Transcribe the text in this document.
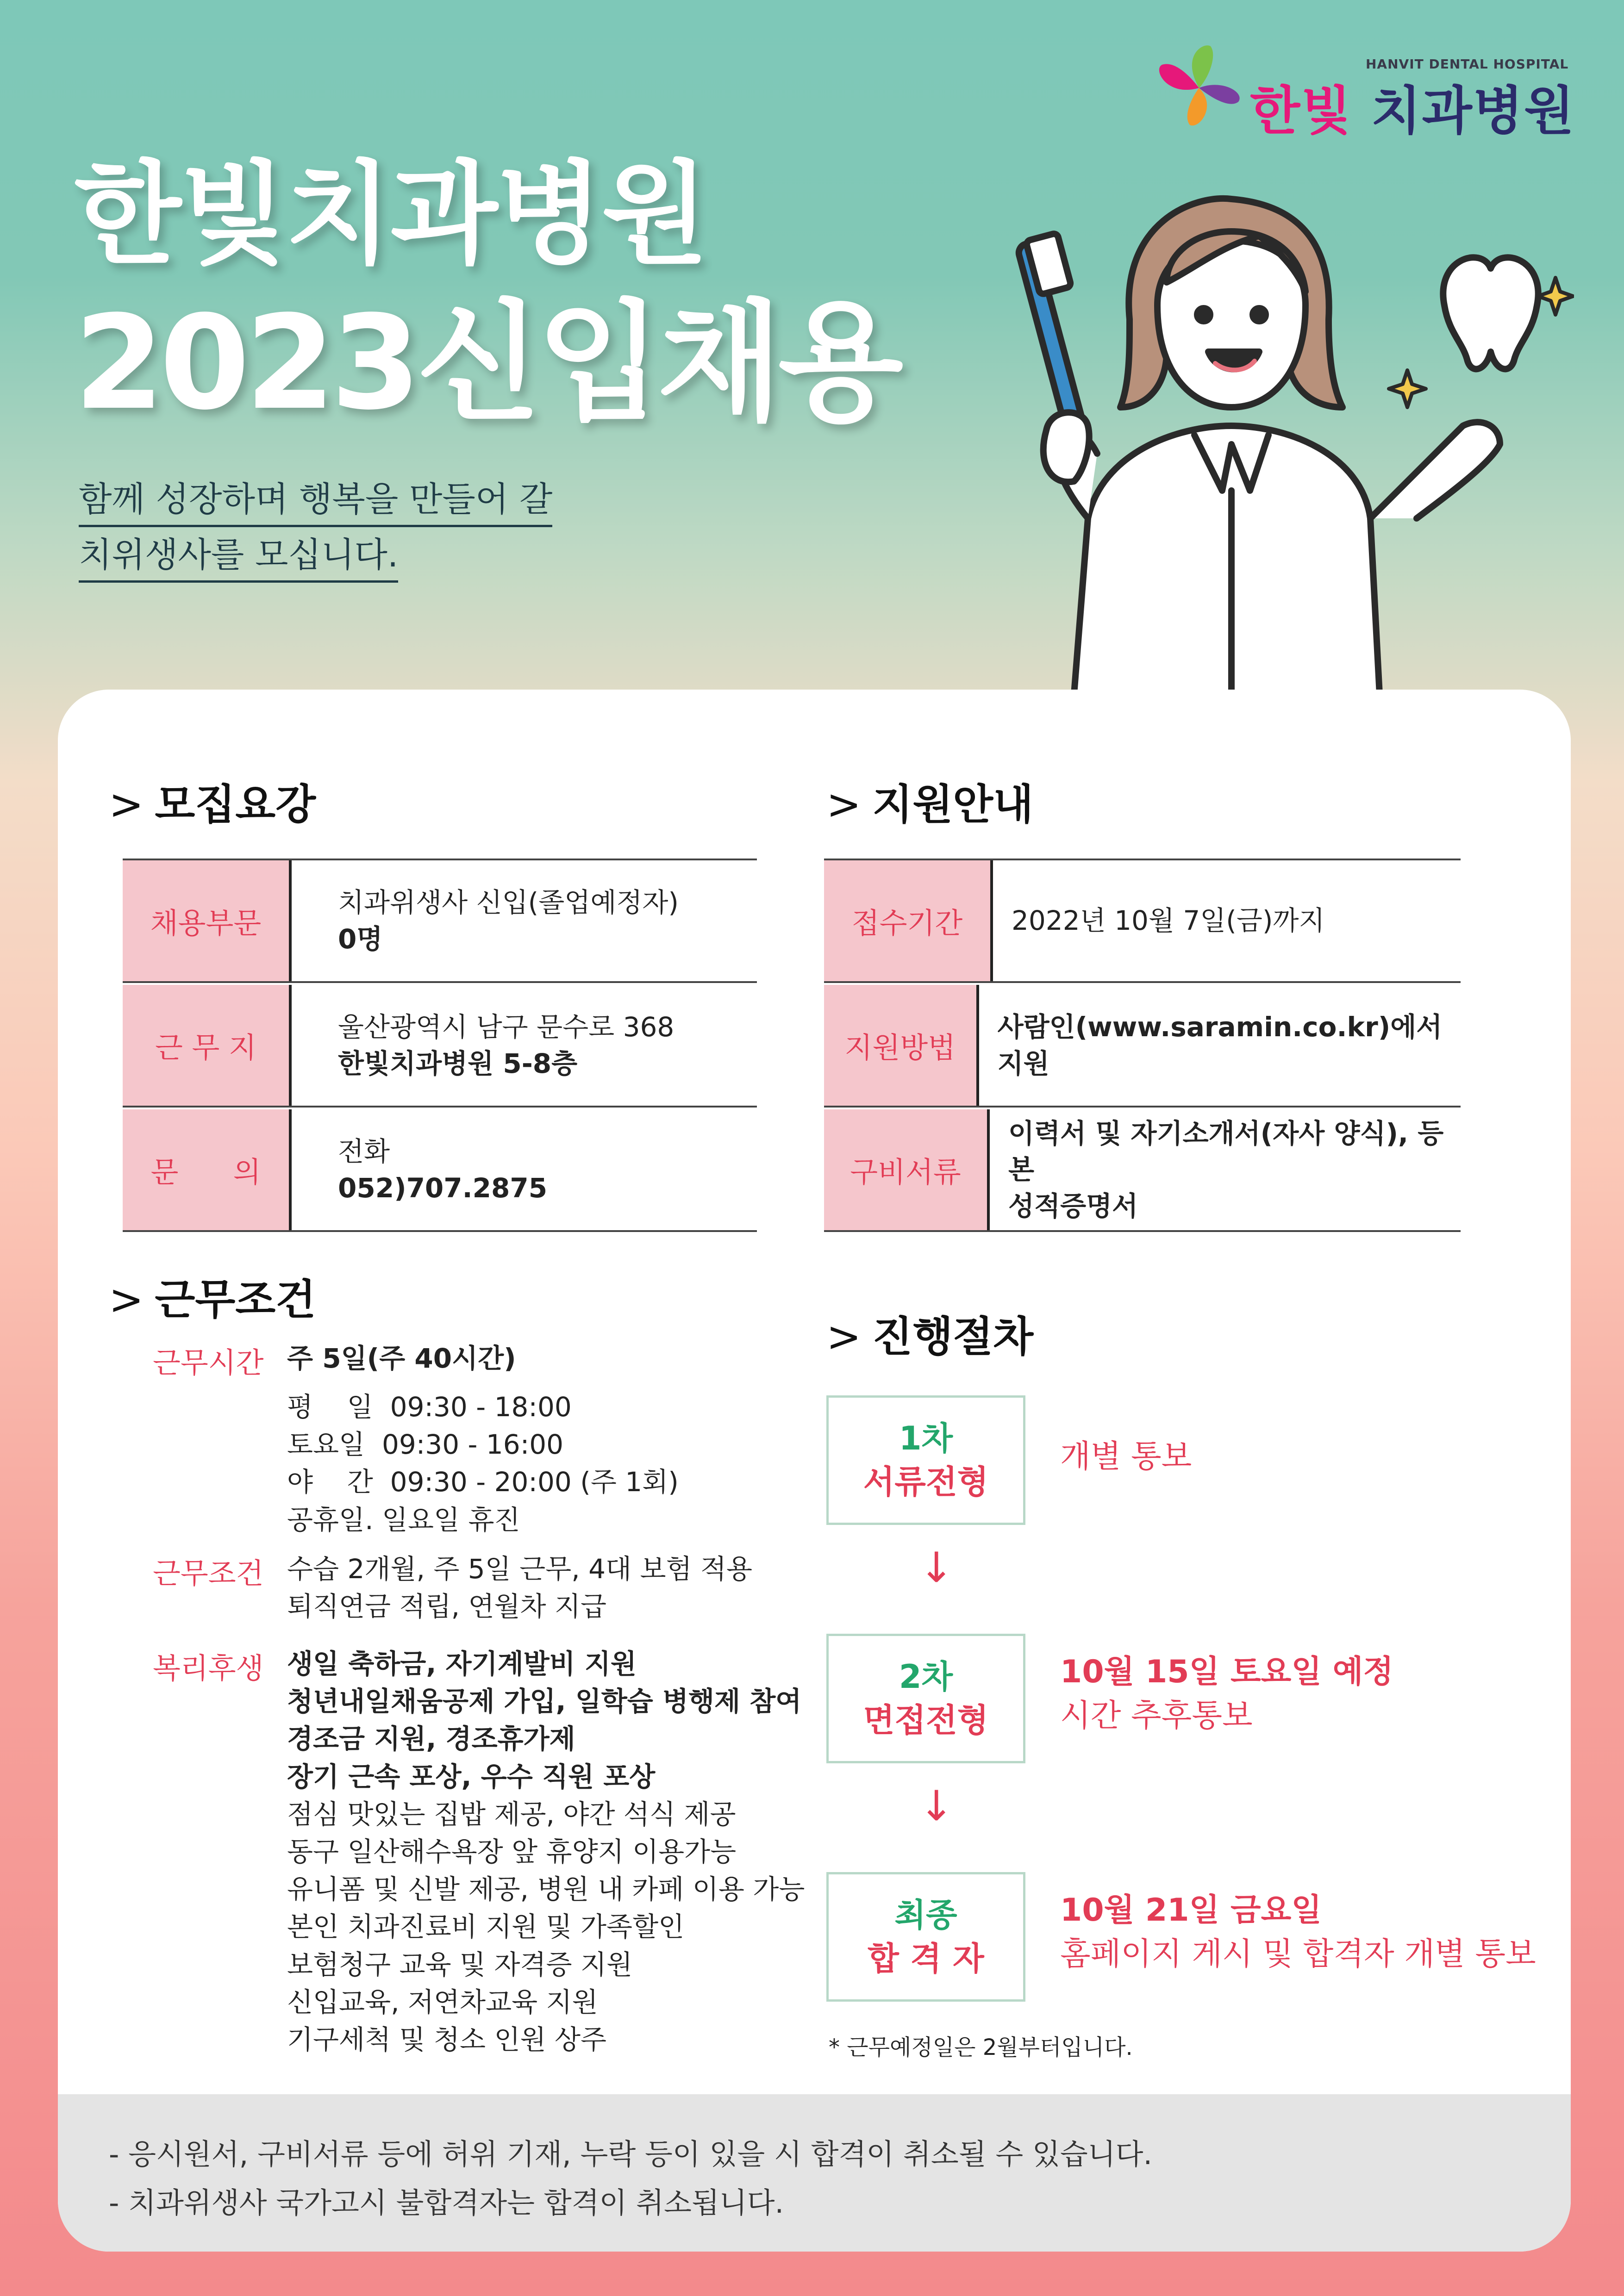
HANVIT DENTAL HOSPITAL
한빛 치과병원
한빛치과병원
2023신입채용
함께 성장하며 행복을 만들어 갈
치위생사를 모십니다.
> 모집요강
채용부문
치과위생사 신입(졸업예정자)
0명
근 무 지
울산광역시 남구 문수로 368
한빛치과병원 5-8층
문      의
전화
052)707.2875
> 지원안내
접수기간	2022년 10월 7일(금)까지
지원방법
사람인(www.saramin.co.kr)에서 지원
구비서류
이력서 및 자기소개서(자사 양식), 등본
성적증명서
> 근무조건
근무시간 주 5일(주 40시간)
평    일  09:30 - 18:00
토요일  09:30 - 16:00
야    간  09:30 - 20:00 (주 1회)
공휴일. 일요일 휴진
근무조건 수습 2개월, 주 5일 근무, 4대 보험 적용
퇴직연금 적립, 연월차 지급
복리후생 생일 축하금, 자기계발비 지원
청년내일채움공제 가입, 일학습 병행제 참여
경조금 지원, 경조휴가제
장기 근속 포상, 우수 직원 포상
점심 맛있는 집밥 제공, 야간 석식 제공
동구 일산해수욕장 앞 휴양지 이용가능
유니폼 및 신발 제공, 병원 내 카페 이용 가능
본인 치과진료비 지원 및 가족할인
보험청구 교육 및 자격증 지원
신입교육, 저연차교육 지원
기구세척 및 청소 인원 상주
> 진행절차
1차
서류전형
개별 통보
↓
2차
면접전형
10월 15일 토요일 예정
시간 추후통보
↓
최종
합 격 자
10월 21일 금요일
홈페이지 게시 및 합격자 개별 통보
* 근무예정일은 2월부터입니다.
- 응시원서, 구비서류 등에 허위 기재, 누락 등이 있을 시 합격이 취소될 수 있습니다.
- 치과위생사 국가고시 불합격자는 합격이 취소됩니다.
